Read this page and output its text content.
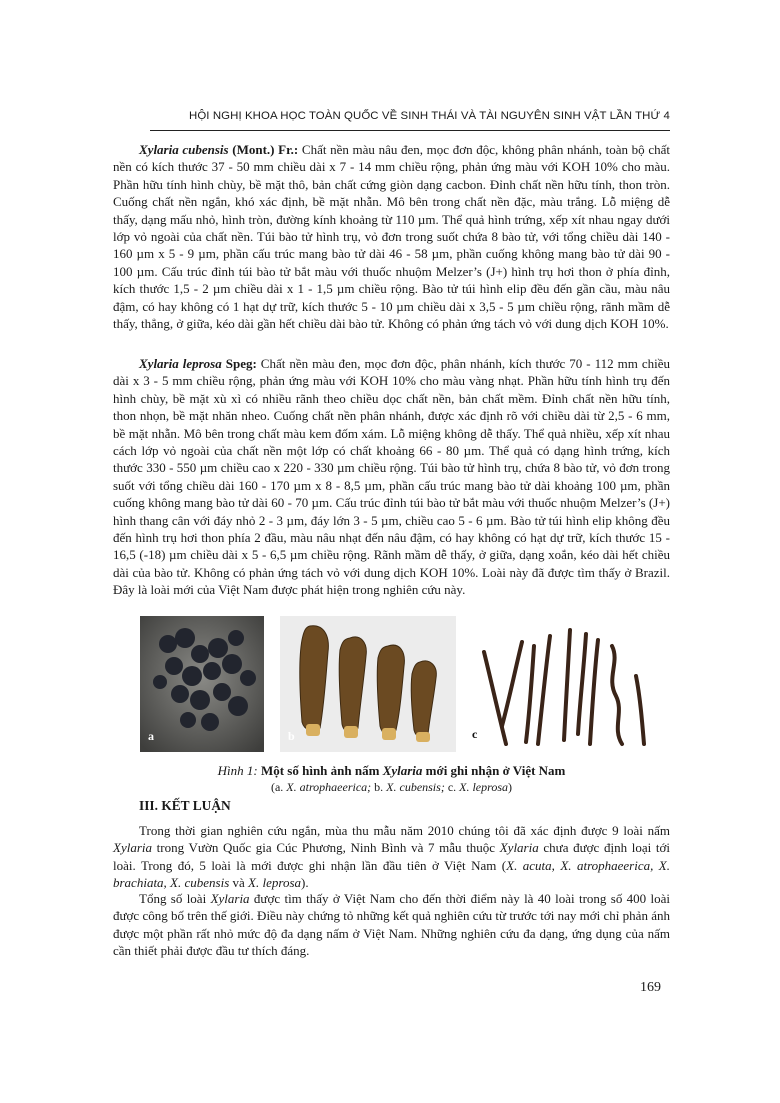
HỘI NGHỊ KHOA HỌC TOÀN QUỐC VỀ SINH THÁI VÀ TÀI NGUYÊN SINH VẬT LẦN THỨ 4

Xylaria cubensis (Mont.) Fr.: Chất nền màu nâu đen, mọc đơn độc, không phân nhánh, toàn bộ chất nền có kích thước 37 - 50 mm chiều dài x 7 - 14 mm chiều rộng, phản ứng màu với KOH 10% cho màu. Phần hữu tính hình chùy, bề mặt thô, bản chất cứng giòn dạng cacbon. Đỉnh chất nền hữu tính, thon tròn. Cuống chất nền ngắn, khó xác định, bề mặt nhẵn. Mô bên trong chất nền đặc, màu trắng. Lỗ miệng dễ thấy, dạng mấu nhỏ, hình tròn, đường kính khoảng từ 110 µm. Thể quả hình trứng, xếp xít nhau ngay dưới lớp vỏ ngoài của chất nền. Túi bào tử hình trụ, vỏ đơn trong suốt chứa 8 bào tử, với tổng chiều dài 140 - 160 µm x 5 - 9 µm, phần cấu trúc mang bào tử dài 46 - 58 µm, phần cuống không mang bào tử dài 90 - 100 µm. Cấu trúc đỉnh túi bào tử bắt màu với thuốc nhuộm Melzer’s (J+) hình trụ hơi thon ở phía đỉnh, kích thước 1,5 - 2 µm chiều dài x 1 - 1,5 µm chiều rộng. Bào tử túi hình elip đều đến gần cầu, màu nâu đậm, có hay không có 1 hạt dự trữ, kích thước 5 - 10 µm chiều dài x 3,5 - 5 µm chiều rộng, rãnh mầm dễ thấy, thẳng, ở giữa, kéo dài gần hết chiều dài bào tử. Không có phản ứng tách vỏ với dung dịch KOH 10%.

Xylaria leprosa Speg: Chất nền màu đen, mọc đơn độc, phân nhánh, kích thước 70 - 112 mm chiều dài x 3 - 5 mm chiều rộng, phản ứng màu với KOH 10% cho màu vàng nhạt. Phần hữu tính hình trụ đến hình chùy, bề mặt xù xì có nhiều rãnh theo chiều dọc chất nền, bản chất mềm. Đỉnh chất nền hữu tính, thon nhọn, bề mặt nhăn nheo. Cuống chất nền phân nhánh, được xác định rõ với chiều dài từ 2,5 - 6 mm, bề mặt nhẵn. Mô bên trong chất màu kem đốm xám. Lỗ miệng không dễ thấy. Thể quả nhiều, xếp xít nhau cách lớp vỏ ngoài của chất nền một lớp có chất khoảng 66 - 80 µm. Thể quả có dạng hình trứng, kích thước 330 - 550 µm chiều cao x 220 - 330 µm chiều rộng. Túi bào tử hình trụ, chứa 8 bào tử, vỏ đơn trong suốt với tổng chiều dài 160 - 170 µm x 8 - 8,5 µm, phần cấu trúc mang bào tử dài khoảng 100 µm, phần cuống không mang bào tử dài 60 - 70 µm. Cấu trúc đỉnh túi bào tử bắt màu với thuốc nhuộm Melzer’s (J+) hình thang cân với đáy nhỏ 2 - 3 µm, đáy lớn 3 - 5 µm, chiều cao 5 - 6 µm. Bào tử túi hình elip không đều đến hình trụ hơi thon phía 2 đầu, màu nâu nhạt đến nâu đậm, có hay không có hạt dự trữ, kích thước 15 - 16,5 (-18) µm chiều dài x 5 - 6,5 µm chiều rộng. Rãnh mầm dễ thấy, ở giữa, dạng xoắn, kéo dài hết chiều dài của bào tử. Không có phản ứng tách vỏ với dung dịch KOH 10%. Loài này đã được tìm thấy ở Brazil. Đây là loài mới của Việt Nam được phát hiện trong nghiên cứu này.

a	b	c
Hình 1: Một số hình ảnh nấm Xylaria mới ghi nhận ở Việt Nam
(a. X. atrophaeerica; b. X. cubensis; c. X. leprosa)
III. KẾT LUẬN

Trong thời gian nghiên cứu ngắn, mùa thu mẫu năm 2010 chúng tôi đã xác định được 9 loài nấm Xylaria trong Vườn Quốc gia Cúc Phương, Ninh Bình và 7 mẫu thuộc Xylaria chưa được định loại tới loài. Trong đó, 5 loài là mới được ghi nhận lần đầu tiên ở Việt Nam (X. acuta, X. atrophaeerica, X. brachiata, X. cubensis và X. leprosa).

Tổng số loài Xylaria được tìm thấy ở Việt Nam cho đến thời điểm này là 40 loài trong số 400 loài được công bố trên thế giới. Điều này chứng tỏ những kết quả nghiên cứu từ trước tới nay mới chỉ phản ánh được một phần rất nhỏ mức độ đa dạng nấm ở Việt Nam. Những nghiên cứu đa dạng, ứng dụng của nấm cần thiết phải được đầu tư thích đáng.

169
